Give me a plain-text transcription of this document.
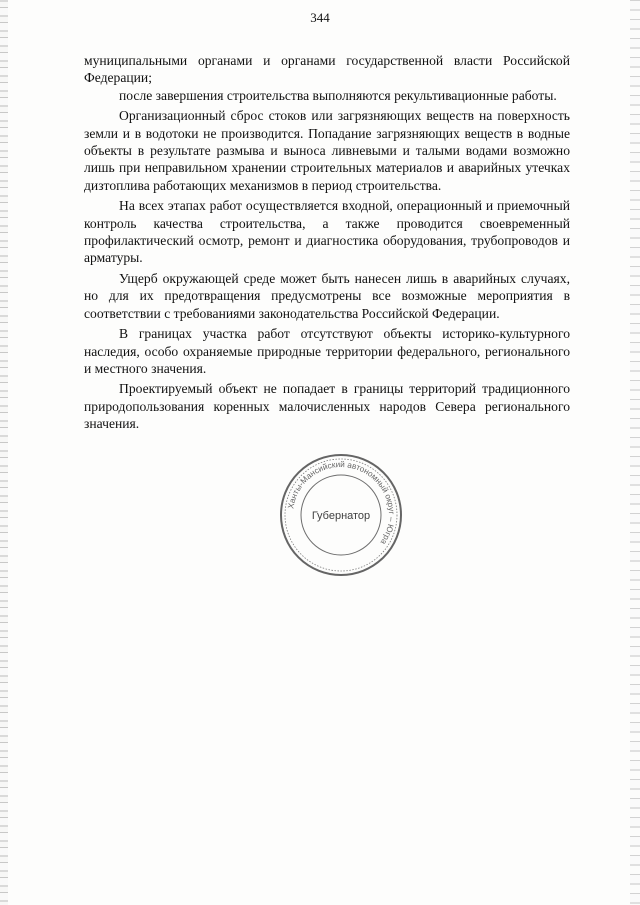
344

муниципальными органами и органами государственной власти Российской Федерации;

после завершения строительства выполняются рекультивационные работы.

Организационный сброс стоков или загрязняющих веществ на поверхность земли и в водотоки не производится. Попадание загрязняющих веществ в водные объекты в результате размыва и выноса ливневыми и талыми водами возможно лишь при неправильном хранении строительных материалов и аварийных утечках дизтоплива работающих механизмов в период строительства.

На всех этапах работ осуществляется входной, операционный и приемочный контроль качества строительства, а также проводится своевременный профилактический осмотр, ремонт и диагностика оборудования, трубопроводов и арматуры.

Ущерб окружающей среде может быть нанесен лишь в аварийных случаях, но для их предотвращения предусмотрены все возможные мероприятия в соответствии с требованиями законодательства Российской Федерации.

В границах участка работ отсутствуют объекты историко-культурного наследия, особо охраняемые природные территории федерального, регионального и местного значения.

Проектируемый объект не попадает в границы территорий традиционного природопользования коренных малочисленных народов Севера регионального значения.

Ханты-Мансийский автономный округ – Югра
Губернатор
